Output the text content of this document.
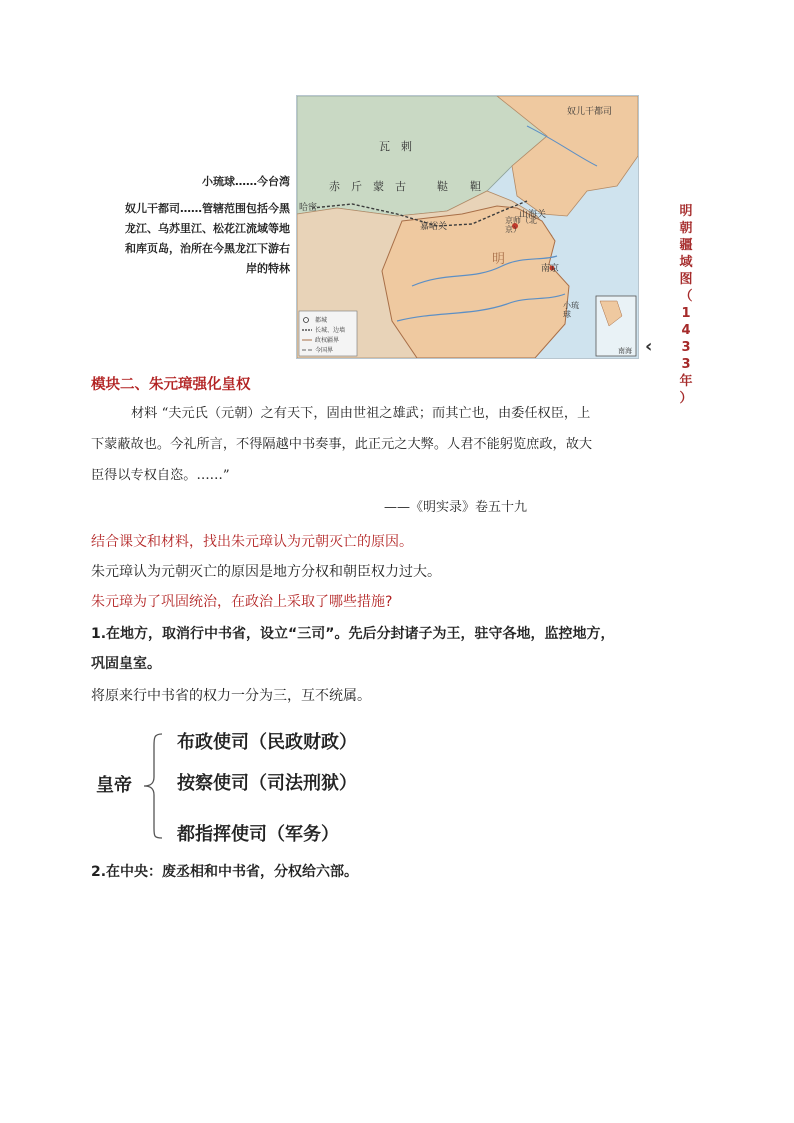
奴儿干都司
瓦　剌
鞑　　靼
赤　斤　蒙　古
哈密
山海关
嘉峪关
京师（北京）
明
南京
小琉球
都城
长城、边墙
政权疆界
今国界	南海
小琉球……今台湾
奴儿干都司……管辖范围包括今黑
龙江、乌苏里江、松花江流域等地
和库页岛，治所在今黑龙江下游右
岸的特林
明
朝
疆
域
图
（
1
4
3
3
年
）
‹
模块二、朱元璋强化皇权
材料 “夫元氏（元朝）之有天下，固由世祖之雄武；而其亡也，由委任权臣，上
下蒙蔽故也。今礼所言，不得隔越中书奏事，此正元之大弊。人君不能躬览庶政，故大
臣得以专权自恣。……”
——《明实录》卷五十九
结合课文和材料，找出朱元璋认为元朝灭亡的原因。
朱元璋认为元朝灭亡的原因是地方分权和朝臣权力过大。
朱元璋为了巩固统治，在政治上采取了哪些措施?
1.在地方，取消行中书省，设立“三司”。先后分封诸子为王，驻守各地，监控地方，
巩固皇室。
将原来行中书省的权力一分为三，互不统属。
皇帝
布政使司（民政财政）
按察使司（司法刑狱）
都指挥使司（军务）
2.在中央：废丞相和中书省，分权给六部。
